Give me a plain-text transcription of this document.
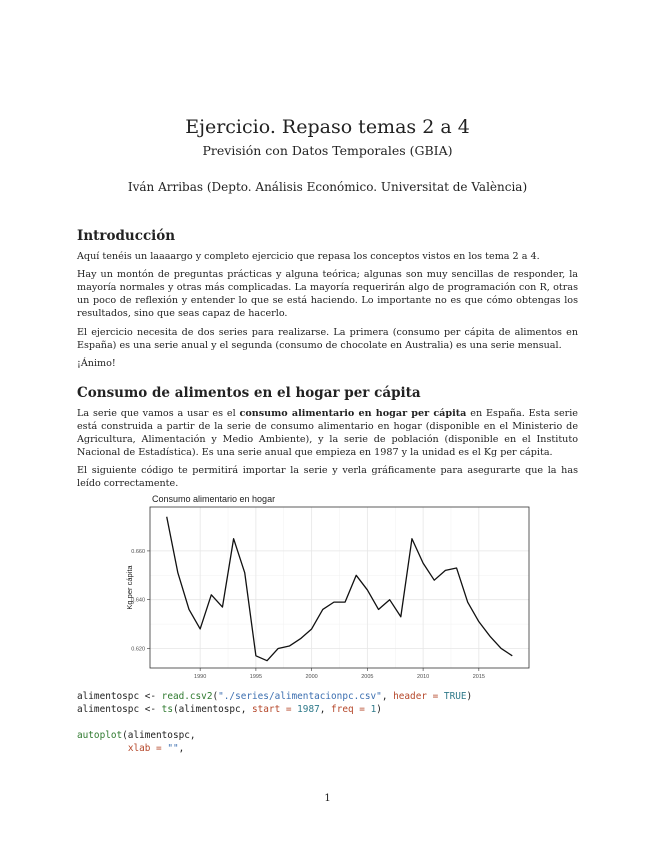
Ejercicio. Repaso temas 2 a 4
Previsión con Datos Temporales (GBIA)
Iván Arribas (Depto. Análisis Económico. Universitat de València)
Introducción

Aquí tenéis un laaaargo y completo ejercicio que repasa los conceptos vistos en los tema 2 a 4.

Hay un montón de preguntas prácticas y alguna teórica; algunas son muy sencillas de responder, la mayoría normales y otras más complicadas. La mayoría requerirán algo de programación con R, otras un poco de reflexión y entender lo que se está haciendo. Lo importante no es que cómo obtengas los resultados, sino que seas capaz de hacerlo.

El ejercicio necesita de dos series para realizarse. La primera (consumo per cápita de alimentos en España) es una serie anual y el segunda (consumo de chocolate en Australia) es una serie mensual.

¡Ánimo!

Consumo de alimentos en el hogar per cápita

La serie que vamos a usar es el consumo alimentario en hogar per cápita en España. Esta serie está construida a partir de la serie de consumo alimentario en hogar (disponible en el Ministerio de Agricultura, Alimentación y Medio Ambiente), y la serie de población (disponible en el Instituto Nacional de Estadística). Es una serie anual que empieza en 1987 y la unidad es el Kg per cápita.

El siguiente código te permitirá importar la serie y verla gráficamente para asegurarte que la has leído correctamente.

Consumo alimentario en hogar
Kg per cápita
1990	1995	2000	2005	2010	2015
0.620
0.640
0.660
alimentospc <- read.csv2("./series/alimentacionpc.csv", header = TRUE)
alimentospc <- ts(alimentospc, start = 1987, freq = 1)
autoplot(alimentospc,
xlab = "",
1
